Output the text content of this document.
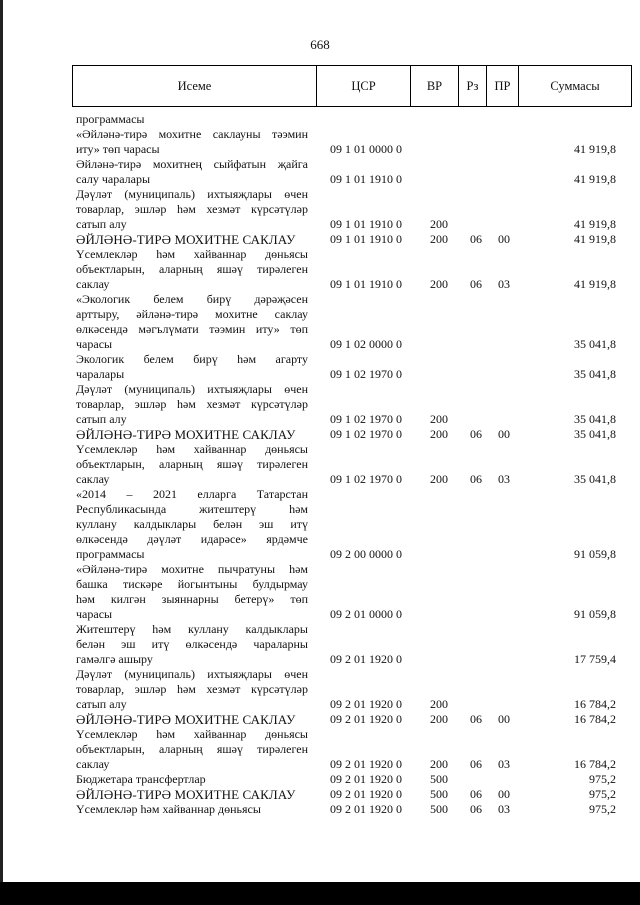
668
Исеме	ЦСР	ВР	Рз	ПР	Суммасы
программасы
«Әйләнә-тирә мохитне саклауны тәэмин
иту» төп чарасы	09 1 01 0000 0	41 919,8
Әйләнә-тирә мохитнең сыйфатын җайга
салу чаралары	09 1 01 1910 0	41 919,8
Дәүләт (муниципаль) ихтыяҗлары өчен
товарлар, эшләр һәм хезмәт күрсәтүләр
сатып алу	09 1 01 1910 0 200	41 919,8
ӘЙЛӘНӘ-ТИРӘ МОХИТНЕ САКЛАУ	09 1 01 1910 0 200 06 00	41 919,8
Үсемлекләр һәм хайваннар дөньясы
объектларын, аларның яшәү тирәлеген
саклау	09 1 01 1910 0 200 06 03	41 919,8
«Экологик белем бирү дәрәҗәсен
арттыру, әйләнә-тирә мохитне саклау
өлкәсендә мәгълүмати тәэмин иту» төп
чарасы	09 1 02 0000 0	35 041,8
Экологик белем бирү һәм агарту
чаралары	09 1 02 1970 0	35 041,8
Дәүләт (муниципаль) ихтыяҗлары өчен
товарлар, эшләр һәм хезмәт күрсәтүләр
сатып алу	09 1 02 1970 0 200	35 041,8
ӘЙЛӘНӘ-ТИРӘ МОХИТНЕ САКЛАУ	09 1 02 1970 0 200 06 00	35 041,8
Үсемлекләр һәм хайваннар дөньясы
объектларын, аларның яшәү тирәлеген
саклау	09 1 02 1970 0 200 06 03	35 041,8
«2014 – 2021 елларга Татарстан
Республикасында житештерү һәм
куллану калдыклары белән эш итү
өлкәсендә дәүләт идарәсе» ярдәмче
программасы	09 2 00 0000 0	91 059,8
«Әйләнә-тирә мохитне пычратуны һәм
башка тискәре йогынтыны булдырмау
һәм килгән зыяннарны бетерү» төп
чарасы	09 2 01 0000 0	91 059,8
Житештерү һәм куллану калдыклары
белән эш итү өлкәсендә чараларны
гамәлгә ашыру	09 2 01 1920 0	17 759,4
Дәүләт (муниципаль) ихтыяҗлары өчен
товарлар, эшләр һәм хезмәт күрсәтүләр
сатып алу	09 2 01 1920 0 200	16 784,2
ӘЙЛӘНӘ-ТИРӘ МОХИТНЕ САКЛАУ	09 2 01 1920 0 200 06 00	16 784,2
Үсемлекләр һәм хайваннар дөньясы
объектларын, аларның яшәү тирәлеген
саклау	09 2 01 1920 0 200 06 03	16 784,2
Бюджетара трансфертлар	09 2 01 1920 0 500	975,2
ӘЙЛӘНӘ-ТИРӘ МОХИТНЕ САКЛАУ	09 2 01 1920 0 500 06 00	975,2
Үсемлекләр һәм хайваннар дөньясы	09 2 01 1920 0 500 06 03	975,2
